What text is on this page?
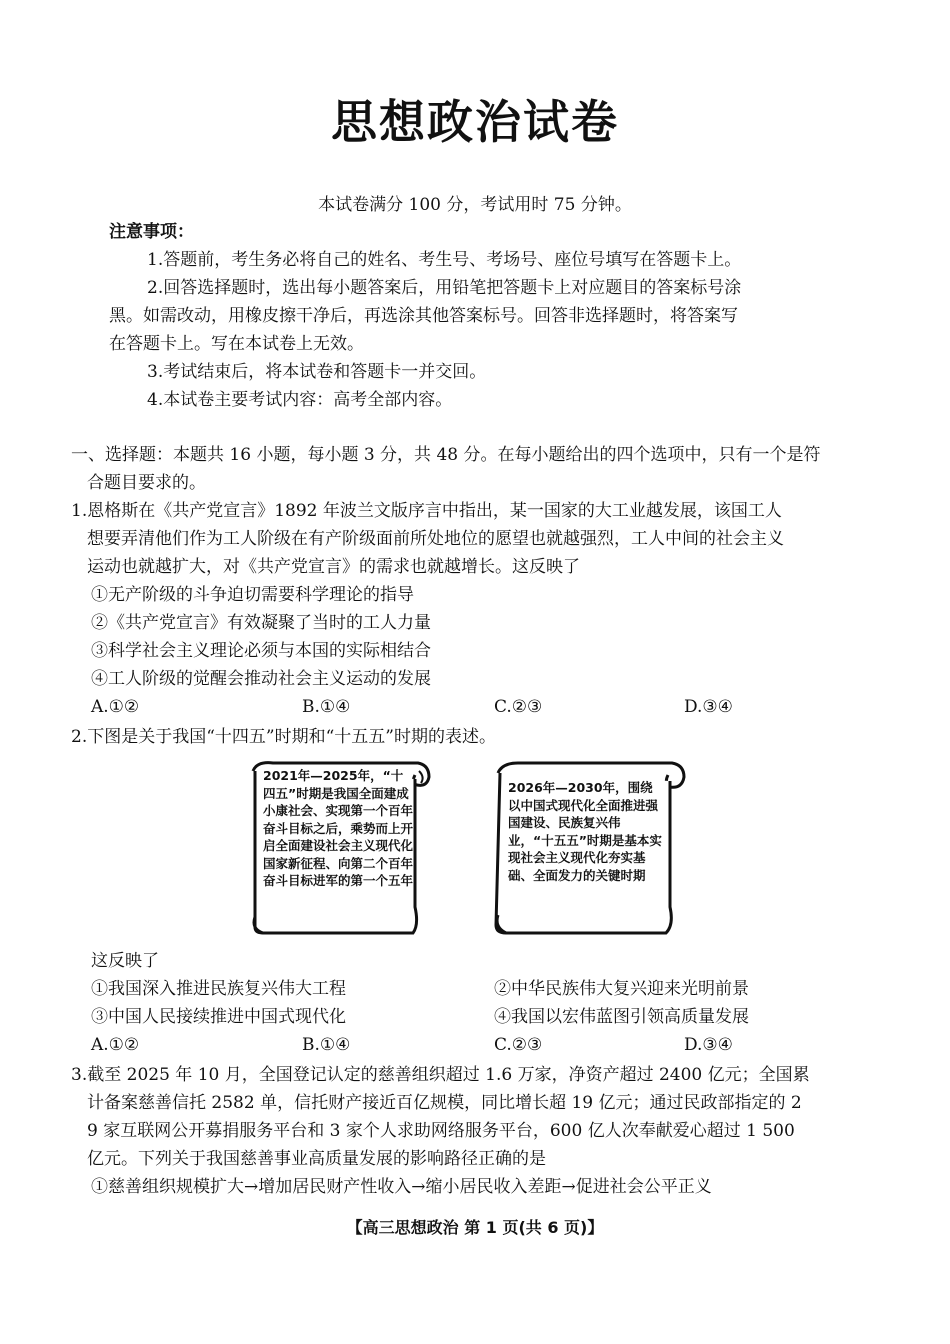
思想政治试卷
本试卷满分 100 分，考试用时 75 分钟。
注意事项：
1.答题前，考生务必将自己的姓名、考生号、考场号、座位号填写在答题卡上。
2.回答选择题时，选出每小题答案后，用铅笔把答题卡上对应题目的答案标号涂
黑。如需改动，用橡皮擦干净后，再选涂其他答案标号。回答非选择题时，将答案写
在答题卡上。写在本试卷上无效。
3.考试结束后，将本试卷和答题卡一并交回。
4.本试卷主要考试内容：高考全部内容。
一、选择题：本题共 16 小题，每小题 3 分，共 48 分。在每小题给出的四个选项中，只有一个是符
合题目要求的。
1.恩格斯在《共产党宣言》1892 年波兰文版序言中指出，某一国家的大工业越发展，该国工人
想要弄清他们作为工人阶级在有产阶级面前所处地位的愿望也就越强烈，工人中间的社会主义
运动也就越扩大，对《共产党宣言》的需求也就越增长。这反映了
①无产阶级的斗争迫切需要科学理论的指导
②《共产党宣言》有效凝聚了当时的工人力量
③科学社会主义理论必须与本国的实际相结合
④工人阶级的觉醒会推动社会主义运动的发展
A.①②	B.①④	C.②③	D.③④
2.下图是关于我国“十四五”时期和“十五五”时期的表述。
2021年—2025年，“十四五”时期是我国全面建成小康社会、实现第一个百年奋斗目标之后，乘势而上开启全面建设社会主义现代化国家新征程、向第二个百年奋斗目标进军的第一个五年
2026年—2030年，围绕以中国式现代化全面推进强国建设、民族复兴伟业，“十五五”时期是基本实现社会主义现代化夯实基础、全面发力的关键时期
这反映了
①我国深入推进民族复兴伟大工程	②中华民族伟大复兴迎来光明前景
③中国人民接续推进中国式现代化	④我国以宏伟蓝图引领高质量发展
A.①②	B.①④	C.②③	D.③④
3.截至 2025 年 10 月，全国登记认定的慈善组织超过 1.6 万家，净资产超过 2400 亿元；全国累
计备案慈善信托 2582 单，信托财产接近百亿规模，同比增长超 19 亿元；通过民政部指定的 2
9 家互联网公开募捐服务平台和 3 家个人求助网络服务平台，600 亿人次奉献爱心超过 1 500
亿元。下列关于我国慈善事业高质量发展的影响路径正确的是
①慈善组织规模扩大→增加居民财产性收入→缩小居民收入差距→促进社会公平正义
【高三思想政治 第 1 页(共 6 页)】
